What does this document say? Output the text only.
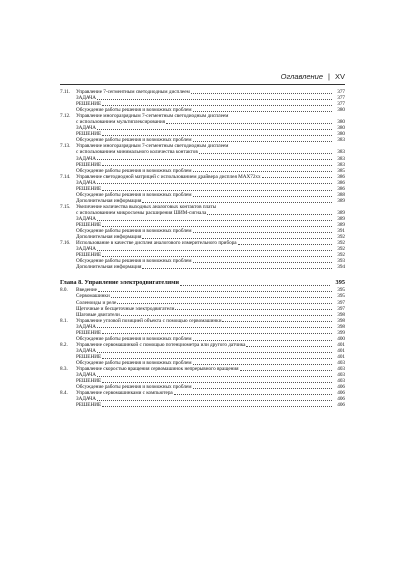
Оглавление | XV
7.11.	Управление 7-сегментным светодиодным дисплеем	377
ЗАДАЧА	377
РЕШЕНИЕ	377
Обсуждение работы решения и возможных проблем	380
7.12.	Управление многоразрядным 7-сегментным светодиодным дисплеем
с использованием мультиплексирования	380
ЗАДАЧА	380
РЕШЕНИЕ	380
Обсуждение работы решения и возможных проблем	383
7.13.	Управление многоразрядным 7-сегментным светодиодным дисплеем
с использованием минимального количества контактов	383
ЗАДАЧА	383
РЕШЕНИЕ	383
Обсуждение работы решения и возможных проблем	385
7.14.	Управление светодиодной матрицей с использованием драйвера дисплея MAX72xx	386
ЗАДАЧА	386
РЕШЕНИЕ	386
Обсуждение работы решения и возможных проблем	388
Дополнительная информация	389
7.15.	Увеличение количества выходных аналоговых контактов платы
с использованием микросхемы расширения ШИМ-сигнала	389
ЗАДАЧА	389
РЕШЕНИЕ	389
Обсуждение работы решения и возможных проблем	391
Дополнительная информация	392
7.16.	Использование в качестве дисплея аналогового измерительного прибора	392
ЗАДАЧА	392
РЕШЕНИЕ	392
Обсуждение работы решения и возможных проблем	393
Дополнительная информация	394
Глава 8. Управление электродвигателями	395
8.0.	Введение	395
Сервомашинки	395
Соленоиды и реле	397
Щеточные и бесщеточные электродвигатели	397
Шаговые двигатели	398
8.1.	Управление угловой позицией объекта с помощью сервомашинки	398
ЗАДАЧА	398
РЕШЕНИЕ	399
Обсуждение работы решения и возможных проблем	400
8.2.	Управление сервомашинкой с помощью потенциометра или другого датчика	401
ЗАДАЧА	401
РЕШЕНИЕ	401
Обсуждение работы решения и возможных проблем	403
8.3.	Управление скоростью вращения сервомашинок непрерывного вращения	403
ЗАДАЧА	403
РЕШЕНИЕ	403
Обсуждение работы решения и возможных проблем	406
8.4.	Управление сервомашинками с компьютера	406
ЗАДАЧА	406
РЕШЕНИЕ	406
